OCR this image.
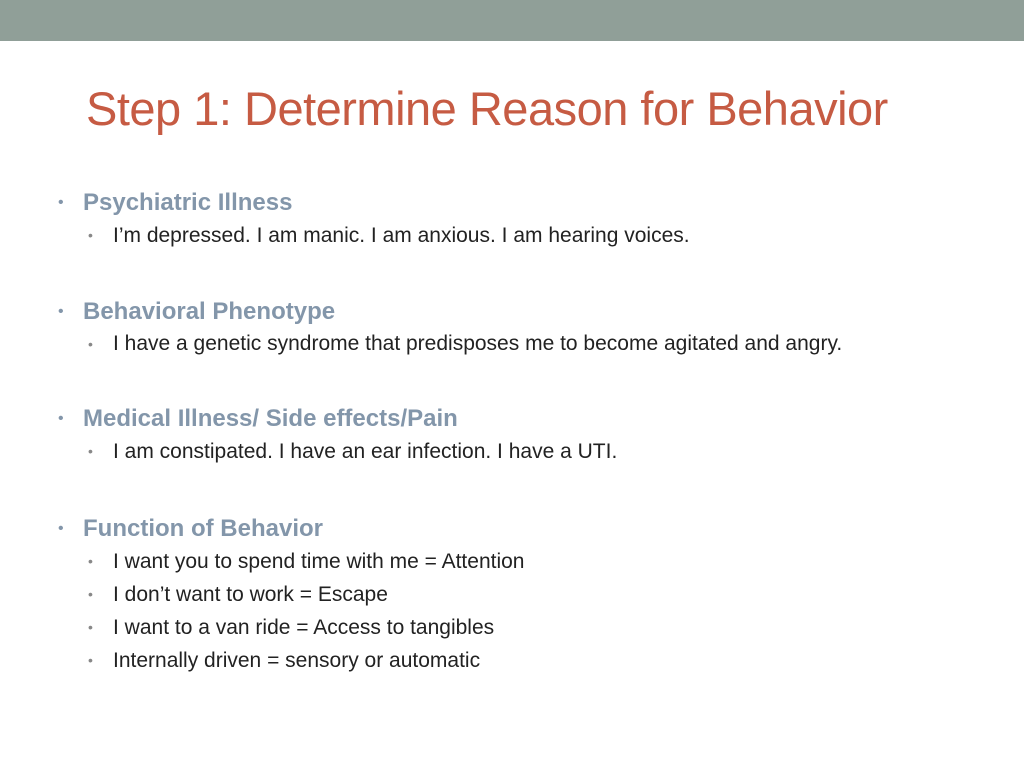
Step 1: Determine Reason for Behavior
• Psychiatric Illness
• I’m depressed. I am manic. I am anxious. I am hearing voices.
• Behavioral Phenotype
• I have a genetic syndrome that predisposes me to become agitated and angry.
• Medical Illness/ Side effects/Pain
• I am constipated. I have an ear infection. I have a UTI.
• Function of Behavior
• I want you to spend time with me = Attention
• I don’t want to work = Escape
• I want to a van ride = Access to tangibles
• Internally driven = sensory or automatic
